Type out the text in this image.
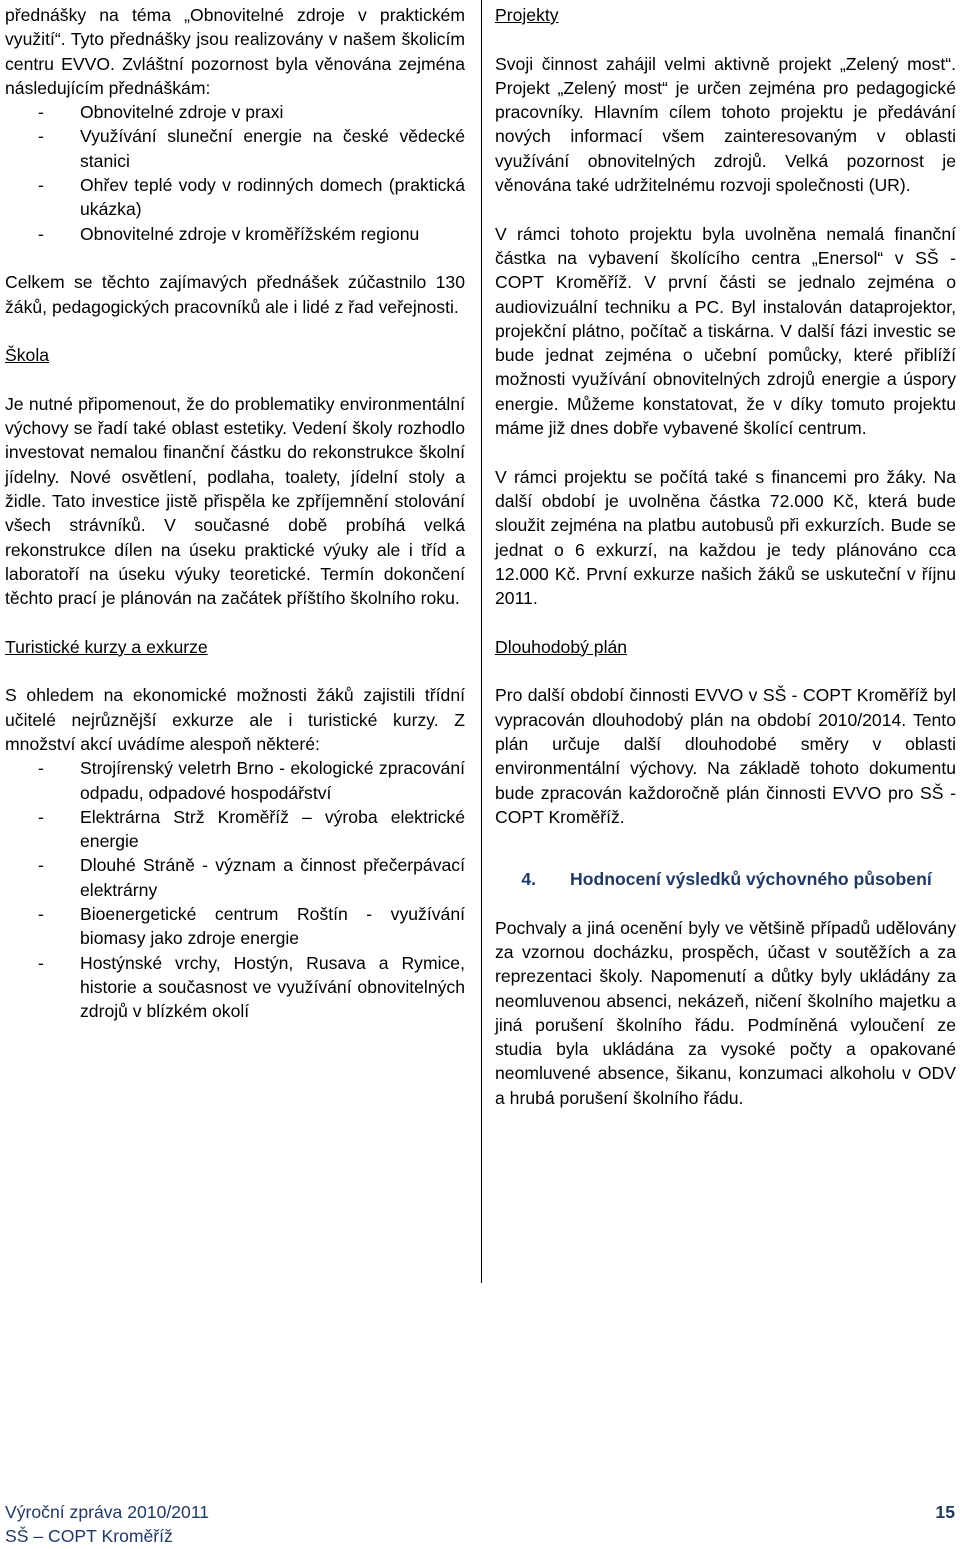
přednášky na téma „Obnovitelné zdroje v praktickém využití“. Tyto přednášky jsou realizovány v našem školicím centru EVVO. Zvláštní pozornost byla věnována zejména následujícím přednáškám:

- Obnovitelné zdroje v praxi
- Využívání sluneční energie na české vědecké stanici
- Ohřev teplé vody v rodinných domech (praktická ukázka)
- Obnovitelné zdroje v kroměřížském regionu

Celkem se těchto zajímavých přednášek zúčastnilo 130 žáků, pedagogických pracovníků ale i lidé z řad veřejnosti.

Škola

Je nutné připomenout, že do problematiky environmentální výchovy se řadí také oblast estetiky. Vedení školy rozhodlo investovat nemalou finanční částku do rekonstrukce školní jídelny. Nové osvětlení, podlaha, toalety, jídelní stoly a židle. Tato investice jistě přispěla ke zpříjemnění stolování všech strávníků. V současné době probíhá velká rekonstrukce dílen na úseku praktické výuky ale i tříd a laboratoří na úseku výuky teoretické. Termín dokončení těchto prací je plánován na začátek příštího školního roku.

Turistické kurzy a exkurze

S ohledem na ekonomické možnosti žáků zajistili třídní učitelé nejrůznější exkurze ale i turistické kurzy. Z množství akcí uvádíme alespoň některé:

- Strojírenský veletrh Brno - ekologické zpracování odpadu, odpadové hospodářství
- Elektrárna Strž Kroměříž – výroba elektrické energie
- Dlouhé Stráně - význam a činnost přečerpávací elektrárny
- Bioenergetické centrum Roštín - využívání biomasy jako zdroje energie
- Hostýnské vrchy, Hostýn, Rusava a Rymice, historie a současnost ve využívání obnovitelných zdrojů v blízkém okolí

Projekty

Svoji činnost zahájil velmi aktivně projekt „Zelený most“. Projekt „Zelený most“ je určen zejména pro pedagogické pracovníky. Hlavním cílem tohoto projektu je předávání nových informací všem zainteresovaným v oblasti využívání obnovitelných zdrojů. Velká pozornost je věnována také udržitelnému rozvoji společnosti (UR).

V rámci tohoto projektu byla uvolněna nemalá finanční částka na vybavení školícího centra „Enersol“ v SŠ - COPT Kroměříž. V první části se jednalo zejména o audiovizuální techniku a PC. Byl instalován dataprojektor, projekční plátno, počítač a tiskárna. V další fázi investic se bude jednat zejména o učební pomůcky, které přiblíží možnosti využívání obnovitelných zdrojů energie a úspory energie. Můžeme konstatovat, že v díky tomuto projektu máme již dnes dobře vybavené školící centrum.

V rámci projektu se počítá také s financemi pro žáky. Na další období je uvolněna částka 72.000 Kč, která bude sloužit zejména na platbu autobusů při exkurzích. Bude se jednat o 6 exkurzí, na každou je tedy plánováno cca 12.000 Kč. První exkurze našich žáků se uskuteční v říjnu 2011.

Dlouhodobý plán

Pro další období činnosti EVVO v SŠ - COPT Kroměříž byl vypracován dlouhodobý plán na období 2010/2014. Tento plán určuje další dlouhodobé směry v oblasti environmentální výchovy. Na základě tohoto dokumentu bude zpracován každoročně plán činnosti EVVO pro SŠ - COPT Kroměříž.

4.	Hodnocení výsledků výchovného působení

Pochvaly a jiná ocenění byly ve většině případů udělovány za vzornou docházku, prospěch, účast v soutěžích a za reprezentaci školy. Napomenutí a důtky byly ukládány za neomluvenou absenci, nekázeň, ničení školního majetku a jiná porušení školního řádu. Podmíněná vyloučení ze studia byla ukládána za vysoké počty a opakované neomluvené absence, šikanu, konzumaci alkoholu v ODV a hrubá porušení školního řádu.

Výroční zpráva 2010/2011
SŠ – COPT Kroměříž
15
